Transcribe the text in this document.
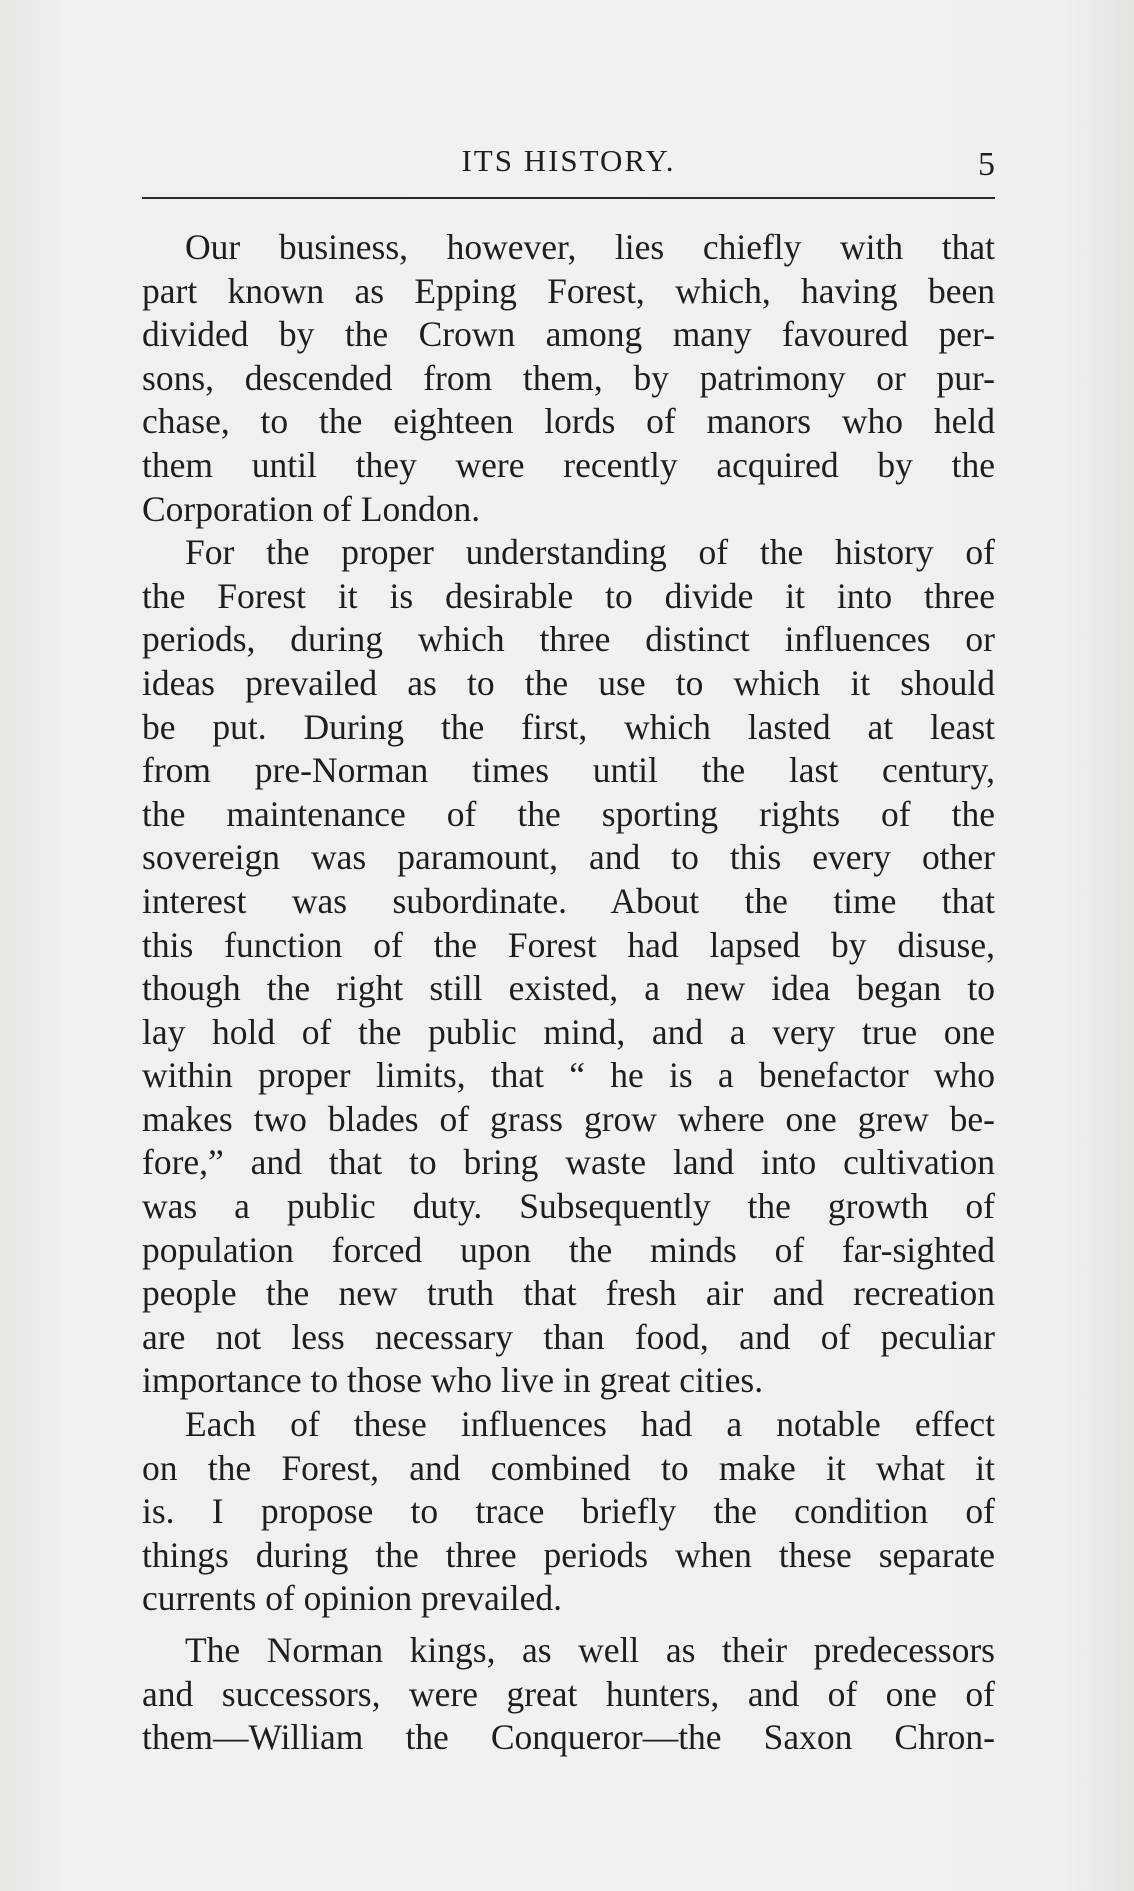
ITS HISTORY.	5

Our business, however, lies chiefly with that
part known as Epping Forest, which, having been
divided by the Crown among many favoured per-
sons, descended from them, by patrimony or pur-
chase, to the eighteen lords of manors who held
them until they were recently acquired by the
Corporation of London.

For the proper understanding of the history of
the Forest it is desirable to divide it into three
periods, during which three distinct influences or
ideas prevailed as to the use to which it should
be put. During the first, which lasted at least
from pre-Norman times until the last century,
the maintenance of the sporting rights of the
sovereign was paramount, and to this every other
interest was subordinate. About the time that
this function of the Forest had lapsed by disuse,
though the right still existed, a new idea began to
lay hold of the public mind, and a very true one
within proper limits, that “ he is a benefactor who
makes two blades of grass grow where one grew be-
fore,” and that to bring waste land into cultivation
was a public duty. Subsequently the growth of
population forced upon the minds of far-sighted
people the new truth that fresh air and recreation
are not less necessary than food, and of peculiar
importance to those who live in great cities.

Each of these influences had a notable effect
on the Forest, and combined to make it what it
is. I propose to trace briefly the condition of
things during the three periods when these separate
currents of opinion prevailed.

The Norman kings, as well as their predecessors
and successors, were great hunters, and of one of
them—William the Conqueror—the Saxon Chron-
